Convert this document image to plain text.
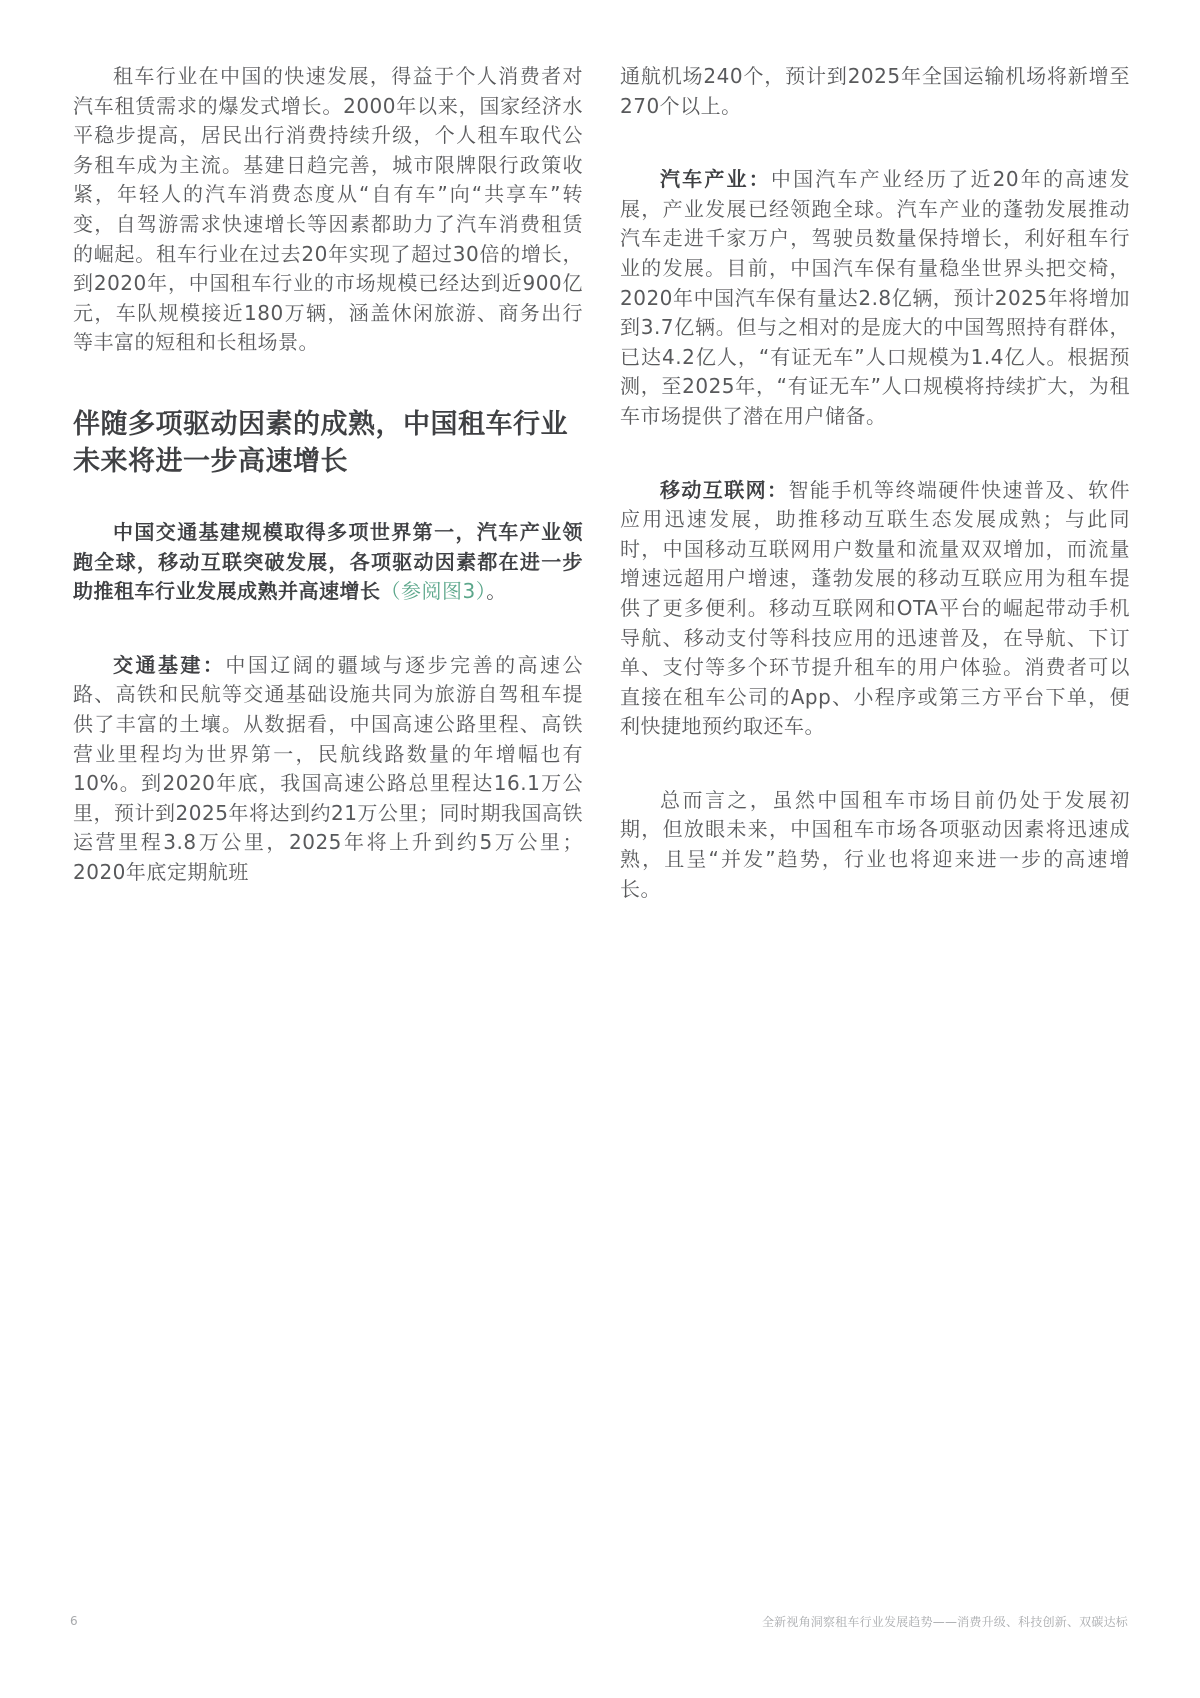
租车行业在中国的快速发展，得益于个人消费者对汽车租赁需求的爆发式增长。2000年以来，国家经济水平稳步提高，居民出行消费持续升级，个人租车取代公务租车成为主流。基建日趋完善，城市限牌限行政策收紧，年轻人的汽车消费态度从“自有车”向“共享车”转变，自驾游需求快速增长等因素都助力了汽车消费租赁的崛起。租车行业在过去20年实现了超过30倍的增长，到2020年，中国租车行业的市场规模已经达到近900亿元，车队规模接近180万辆，涵盖休闲旅游、商务出行等丰富的短租和长租场景。

伴随多项驱动因素的成熟，中国租车行业未来将进一步高速增长

中国交通基建规模取得多项世界第一，汽车产业领跑全球，移动互联突破发展，各项驱动因素都在进一步助推租车行业发展成熟并高速增长（参阅图3）。

交通基建：中国辽阔的疆域与逐步完善的高速公路、高铁和民航等交通基础设施共同为旅游自驾租车提供了丰富的土壤。从数据看，中国高速公路里程、高铁营业里程均为世界第一，民航线路数量的年增幅也有10%。到2020年底，我国高速公路总里程达16.1万公里，预计到2025年将达到约21万公里；同时期我国高铁运营里程3.8万公里，2025年将上升到约5万公里；2020年底定期航班

通航机场240个，预计到2025年全国运输机场将新增至270个以上。

汽车产业：中国汽车产业经历了近20年的高速发展，产业发展已经领跑全球。汽车产业的蓬勃发展推动汽车走进千家万户，驾驶员数量保持增长，利好租车行业的发展。目前，中国汽车保有量稳坐世界头把交椅，2020年中国汽车保有量达2.8亿辆，预计2025年将增加到3.7亿辆。但与之相对的是庞大的中国驾照持有群体，已达4.2亿人，“有证无车”人口规模为1.4亿人。根据预测，至2025年，“有证无车”人口规模将持续扩大，为租车市场提供了潜在用户储备。

移动互联网：智能手机等终端硬件快速普及、软件应用迅速发展，助推移动互联生态发展成熟；与此同时，中国移动互联网用户数量和流量双双增加，而流量增速远超用户增速，蓬勃发展的移动互联应用为租车提供了更多便利。移动互联网和OTA平台的崛起带动手机导航、移动支付等科技应用的迅速普及，在导航、下订单、支付等多个环节提升租车的用户体验。消费者可以直接在租车公司的App、小程序或第三方平台下单，便利快捷地预约取还车。

总而言之，虽然中国租车市场目前仍处于发展初期，但放眼未来，中国租车市场各项驱动因素将迅速成熟，且呈“并发”趋势，行业也将迎来进一步的高速增长。

6	全新视角洞察租车行业发展趋势——消费升级、科技创新、双碳达标
